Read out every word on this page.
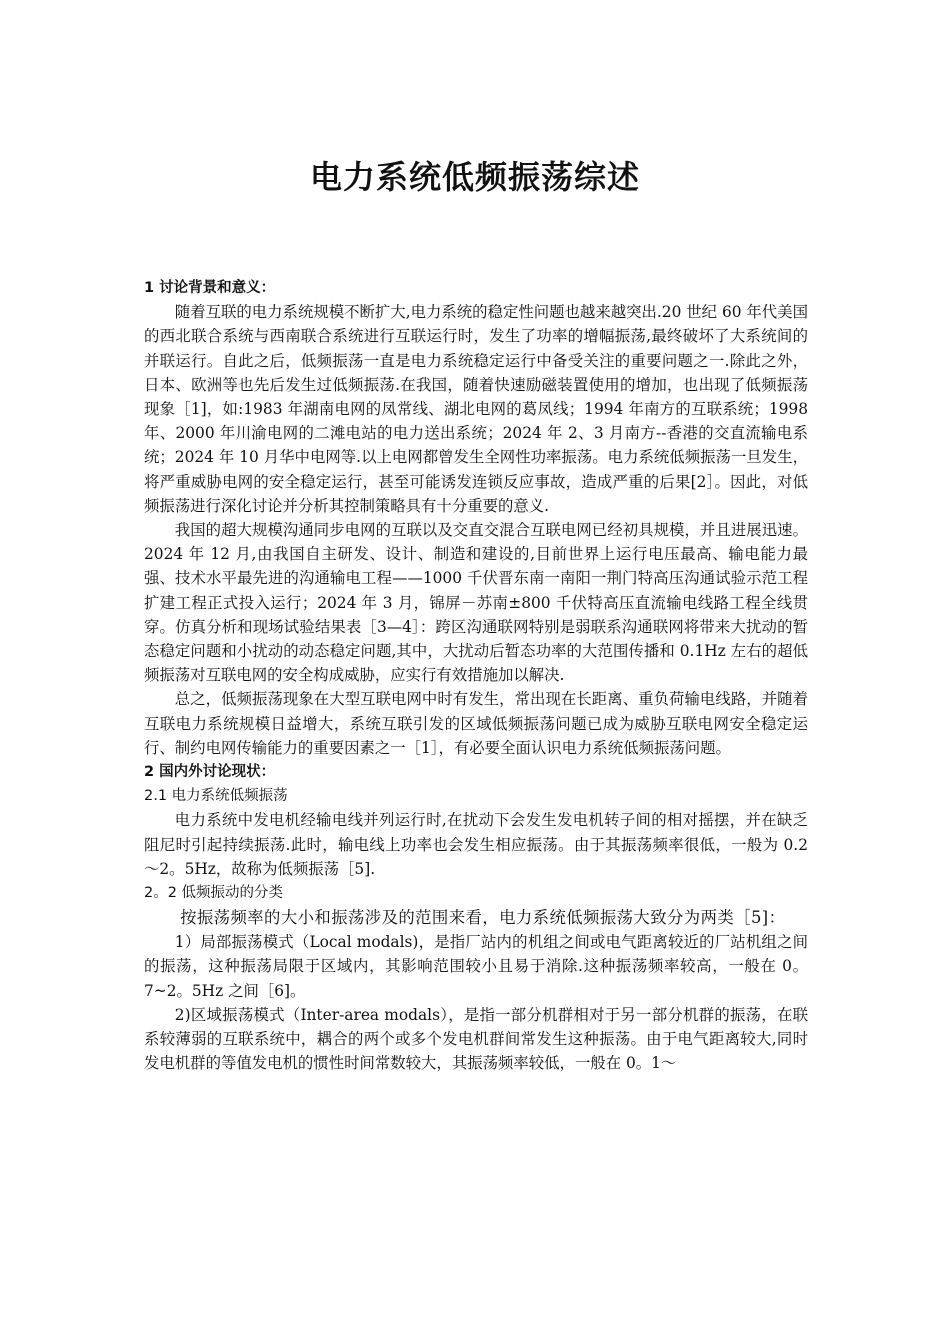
电力系统低频振荡综述

1 讨论背景和意义：

随着互联的电力系统规模不断扩大,电力系统的稳定性问题也越来越突出.20 世纪 60 年代美国的西北联合系统与西南联合系统进行互联运行时，发生了功率的增幅振荡,最终破坏了大系统间的并联运行。自此之后，低频振荡一直是电力系统稳定运行中备受关注的重要问题之一.除此之外，日本、欧洲等也先后发生过低频振荡.在我国，随着快速励磁装置使用的增加，也出现了低频振荡现象［1]，如:1983 年湖南电网的凤常线、湖北电网的葛凤线；1994 年南方的互联系统；1998 年、2000 年川渝电网的二滩电站的电力送出系统；2024 年 2、3 月南方--香港的交直流输电系统；2024 年 10 月华中电网等.以上电网都曾发生全网性功率振荡。电力系统低频振荡一旦发生，将严重威胁电网的安全稳定运行，甚至可能诱发连锁反应事故，造成严重的后果[2］。因此，对低频振荡进行深化讨论并分析其控制策略具有十分重要的意义.

我国的超大规模沟通同步电网的互联以及交直交混合互联电网已经初具规模，并且进展迅速。2024 年 12 月,由我国自主研发、设计、制造和建设的,目前世界上运行电压最高、输电能力最强、技术水平最先进的沟通输电工程——1000 千伏晋东南一南阳一荆门特高压沟通试验示范工程扩建工程正式投入运行；2024 年 3 月，锦屏－苏南±800 千伏特高压直流输电线路工程全线贯穿。仿真分析和现场试验结果表［3—4］：跨区沟通联网特别是弱联系沟通联网将带来大扰动的暂态稳定问题和小扰动的动态稳定问题,其中，大扰动后暂态功率的大范围传播和 0.1Hz 左右的超低频振荡对互联电网的安全构成威胁，应实行有效措施加以解决.

总之，低频振荡现象在大型互联电网中时有发生，常出现在长距离、重负荷输电线路，并随着互联电力系统规模日益增大，系统互联引发的区域低频振荡问题已成为威胁互联电网安全稳定运行、制约电网传输能力的重要因素之一［1］，有必要全面认识电力系统低频振荡问题。

2 国内外讨论现状：

2.1 电力系统低频振荡

电力系统中发电机经输电线并列运行时,在扰动下会发生发电机转子间的相对摇摆，并在缺乏阻尼时引起持续振荡.此时，输电线上功率也会发生相应振荡。由于其振荡频率很低，一般为 0.2～2。5Hz，故称为低频振荡［5].

2。2 低频振动的分类

按振荡频率的大小和振荡涉及的范围来看，电力系统低频振荡大致分为两类［5]：

1）局部振荡模式（Local modals)，是指厂站内的机组之间或电气距离较近的厂站机组之间的振荡，这种振荡局限于区域内，其影响范围较小且易于消除.这种振荡频率较高，一般在 0。7~2。5Hz 之间［6]。

2)区域振荡模式（Inter-area modals），是指一部分机群相对于另一部分机群的振荡，在联系较薄弱的互联系统中，耦合的两个或多个发电机群间常发生这种振荡。由于电气距离较大,同时发电机群的等值发电机的惯性时间常数较大，其振荡频率较低，一般在 0。1～
